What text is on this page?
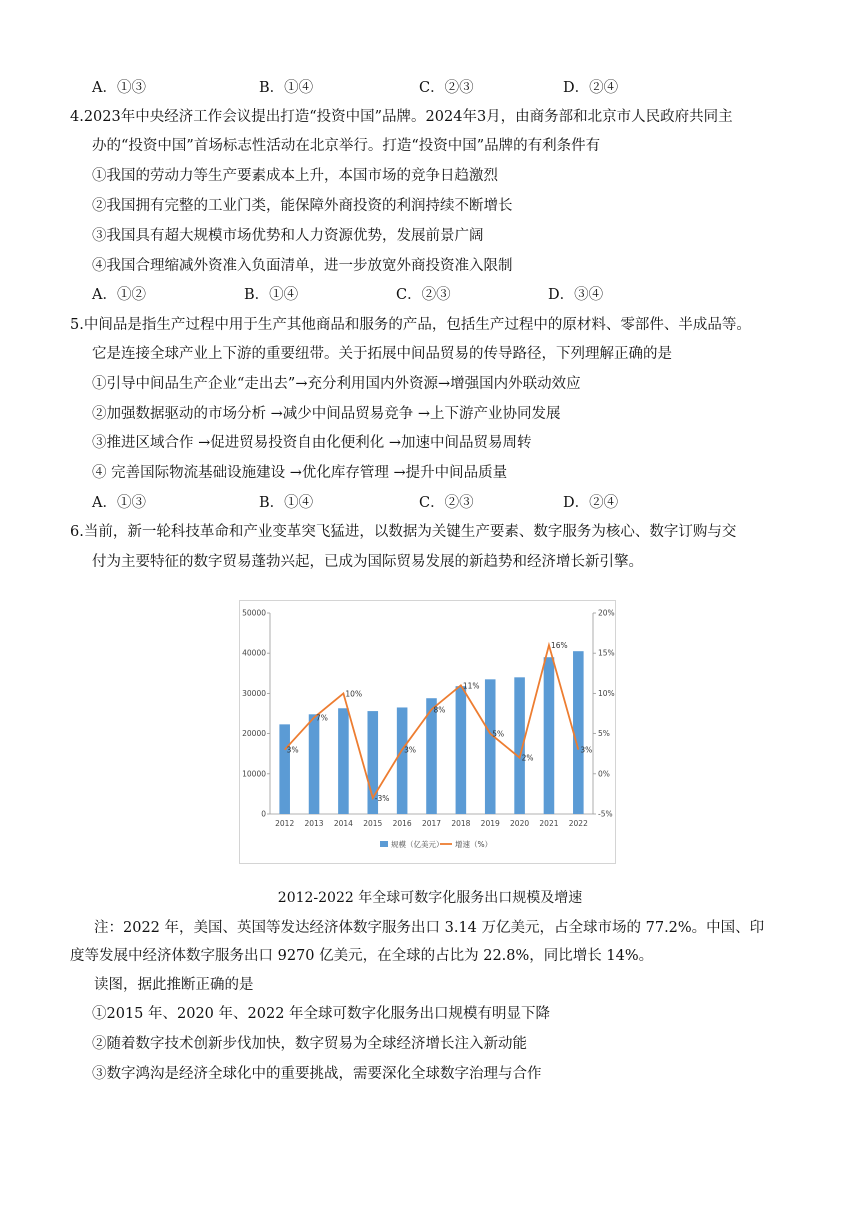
A．①③	B．①④	C．②③	D．②④
4.2023年中央经济工作会议提出打造“投资中国”品牌。2024年3月，由商务部和北京市人民政府共同主
办的“投资中国”首场标志性活动在北京举行。打造“投资中国”品牌的有利条件有
①我国的劳动力等生产要素成本上升，本国市场的竞争日趋激烈
②我国拥有完整的工业门类，能保障外商投资的利润持续不断增长
③我国具有超大规模市场优势和人力资源优势，发展前景广阔
④我国合理缩减外资准入负面清单，进一步放宽外商投资准入限制
A．①②	B．①④	C．②③	D．③④
5.中间品是指生产过程中用于生产其他商品和服务的产品，包括生产过程中的原材料、零部件、半成品等。
它是连接全球产业上下游的重要纽带。关于拓展中间品贸易的传导路径，下列理解正确的是
①引导中间品生产企业“走出去”→充分利用国内外资源→增强国内外联动效应
②加强数据驱动的市场分析 →减少中间品贸易竞争 →上下游产业协同发展
③推进区域合作 →促进贸易投资自由化便利化 →加速中间品贸易周转
④ 完善国际物流基础设施建设 →优化库存管理 →提升中间品质量
A．①③	B．①④	C．②③	D．②④
6.当前，新一轮科技革命和产业变革突飞猛进，以数据为关键生产要素、数字服务为核心、数字订购与交
付为主要特征的数字贸易蓬勃兴起，已成为国际贸易发展的新趋势和经济增长新引擎。
0
10000
20000
30000
40000
50000
-5%
0%
5%
10%
15%
20%
2012 2013 2014 2015 2016 2017 2018 2019 2020 2021 2022
3%
7%
10%
-3%
3%
8%
11%
5%
2%
16%
3%
规模（亿美元） 增速（%）
2012-2022 年全球可数字化服务出口规模及增速
注：2022 年，美国、英国等发达经济体数字服务出口 3.14 万亿美元，占全球市场的 77.2%。中国、印
度等发展中经济体数字服务出口 9270 亿美元，在全球的占比为 22.8%，同比增长 14%。
读图，据此推断正确的是
①2015 年、2020 年、2022 年全球可数字化服务出口规模有明显下降
②随着数字技术创新步伐加快，数字贸易为全球经济增长注入新动能
③数字鸿沟是经济全球化中的重要挑战，需要深化全球数字治理与合作
